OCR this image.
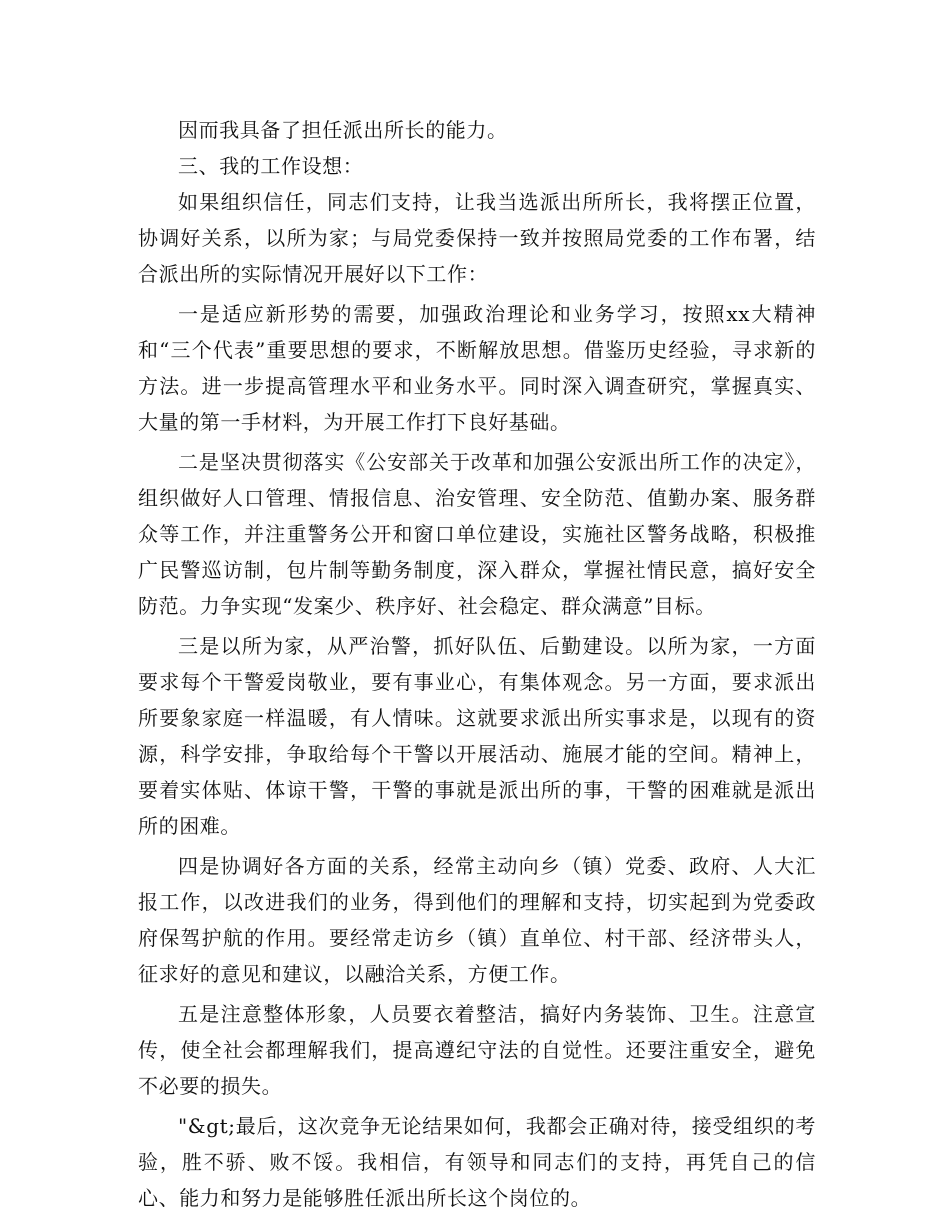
因而我具备了担任派出所长的能力。

三、我的工作设想：

如果组织信任，同志们支持，让我当选派出所所长，我将摆正位置，协调好关系，以所为家；与局党委保持一致并按照局党委的工作布署，结合派出所的实际情况开展好以下工作：

一是适应新形势的需要，加强政治理论和业务学习，按照xx大精神和“三个代表”重要思想的要求，不断解放思想。借鉴历史经验，寻求新的方法。进一步提高管理水平和业务水平。同时深入调查研究，掌握真实、大量的第一手材料，为开展工作打下良好基础。

二是坚决贯彻落实《公安部关于改革和加强公安派出所工作的决定》，组织做好人口管理、情报信息、治安管理、安全防范、值勤办案、服务群众等工作，并注重警务公开和窗口单位建设，实施社区警务战略，积极推广民警巡访制，包片制等勤务制度，深入群众，掌握社情民意，搞好安全防范。力争实现“发案少、秩序好、社会稳定、群众满意”目标。

三是以所为家，从严治警，抓好队伍、后勤建设。以所为家，一方面要求每个干警爱岗敬业，要有事业心，有集体观念。另一方面，要求派出所要象家庭一样温暖，有人情味。这就要求派出所实事求是，以现有的资源，科学安排，争取给每个干警以开展活动、施展才能的空间。精神上，要着实体贴、体谅干警，干警的事就是派出所的事，干警的困难就是派出所的困难。

四是协调好各方面的关系，经常主动向乡（镇）党委、政府、人大汇报工作，以改进我们的业务，得到他们的理解和支持，切实起到为党委政府保驾护航的作用。要经常走访乡（镇）直单位、村干部、经济带头人，征求好的意见和建议，以融洽关系，方便工作。

五是注意整体形象，人员要衣着整洁，搞好内务装饰、卫生。注意宣传，使全社会都理解我们，提高遵纪守法的自觉性。还要注重安全，避免不必要的损失。

"&gt;最后，这次竞争无论结果如何，我都会正确对待，接受组织的考验，胜不骄、败不馁。我相信，有领导和同志们的支持，再凭自己的信心、能力和努力是能够胜任派出所长这个岗位的。
